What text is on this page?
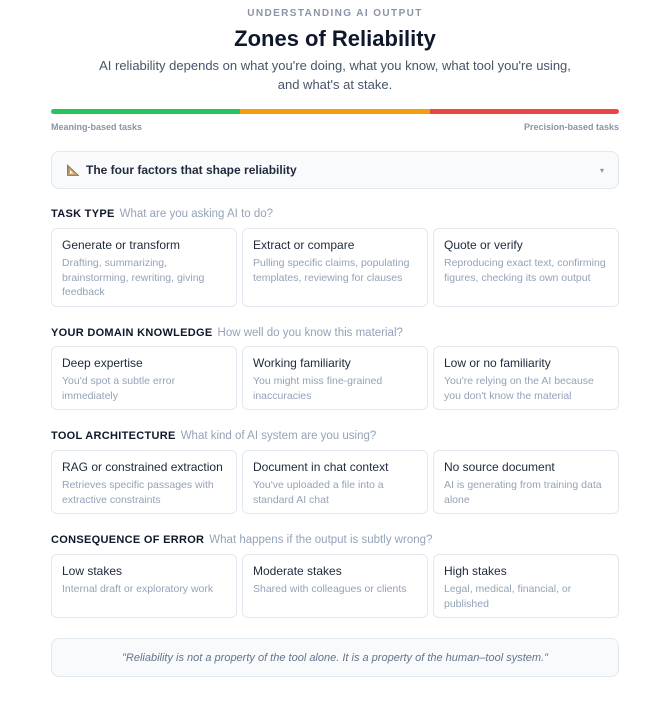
UNDERSTANDING AI OUTPUT
Zones of Reliability
AI reliability depends on what you're doing, what you know, what tool you're using, and what's at stake.
Meaning-based tasks	Precision-based tasks
The four factors that shape reliability	▾
TASK TYPE What are you asking AI to do?
Generate or transform
Drafting, summarizing, brainstorming, rewriting, giving feedback
Extract or compare
Pulling specific claims, populating templates, reviewing for clauses
Quote or verify
Reproducing exact text, confirming figures, checking its own output
YOUR DOMAIN KNOWLEDGE How well do you know this material?
Deep expertise
You'd spot a subtle error immediately
Working familiarity
You might miss fine-grained inaccuracies
Low or no familiarity
You're relying on the AI because you don't know the material
TOOL ARCHITECTURE What kind of AI system are you using?
RAG or constrained extraction
Retrieves specific passages with extractive constraints
Document in chat context
You've uploaded a file into a standard AI chat
No source document
AI is generating from training data alone
CONSEQUENCE OF ERROR What happens if the output is subtly wrong?
Low stakes
Internal draft or exploratory work
Moderate stakes
Shared with colleagues or clients
High stakes
Legal, medical, financial, or published
"Reliability is not a property of the tool alone. It is a property of the human–tool system."
